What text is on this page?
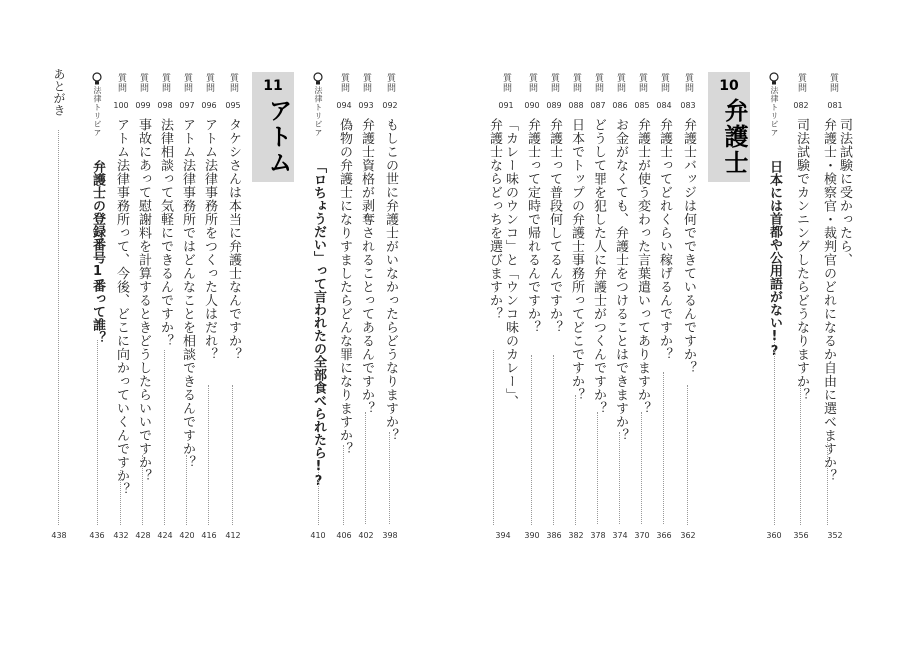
質問
081
司法試験に受かったら、
弁護士・検察官・裁判官のどれになるか自由に選べますか？
352
質問
082
司法試験でカンニングしたらどうなりますか？
356
法律トリビア
日本には首都や公用語がない!?
360
10
弁護士
質問
083
弁護士バッジは何でできているんですか？
362
質問
084
弁護士ってどれくらい稼げるんですか？
366
質問
085
弁護士が使う変わった言葉遣いってありますか？
370
質問
086
お金がなくても、弁護士をつけることはできますか？
374
質問
087
どうして罪を犯した人に弁護士がつくんですか？
378
質問
088
日本でトップの弁護士事務所ってどこですか？
382
質問
089
弁護士って普段何してるんですか？
386
質問
090
弁護士って定時で帰れるんですか？
390
質問
091
「カレー味のウンコ」と「ウンコ味のカレー」、
弁護士ならどっちを選びますか？
394
質問
092
もしこの世に弁護士がいなかったらどうなりますか？
398
質問
093
弁護士資格が剥奪されることってあるんですか？
402
質問
094
偽物の弁護士になりすましたらどんな罪になりますか？
406
法律トリビア
「ロちょうだい」って言われたの全部食べられたら!?
410
11
アトム
質問
095
タケシさんは本当に弁護士なんですか？
412
質問
096
アトム法律事務所をつくった人はだれ？
416
質問
097
アトム法律事務所ではどんなことを相談できるんですか？
420
質問
098
法律相談って気軽にできるんですか？
424
質問
099
事故にあって慰謝料を計算するときどうしたらいいですか？
428
質問
100
アトム法律事務所って、今後、どこに向かっていくんですか？
432
法律トリビア
弁護士の登録番号1番って誰？
436
あとがき
438
